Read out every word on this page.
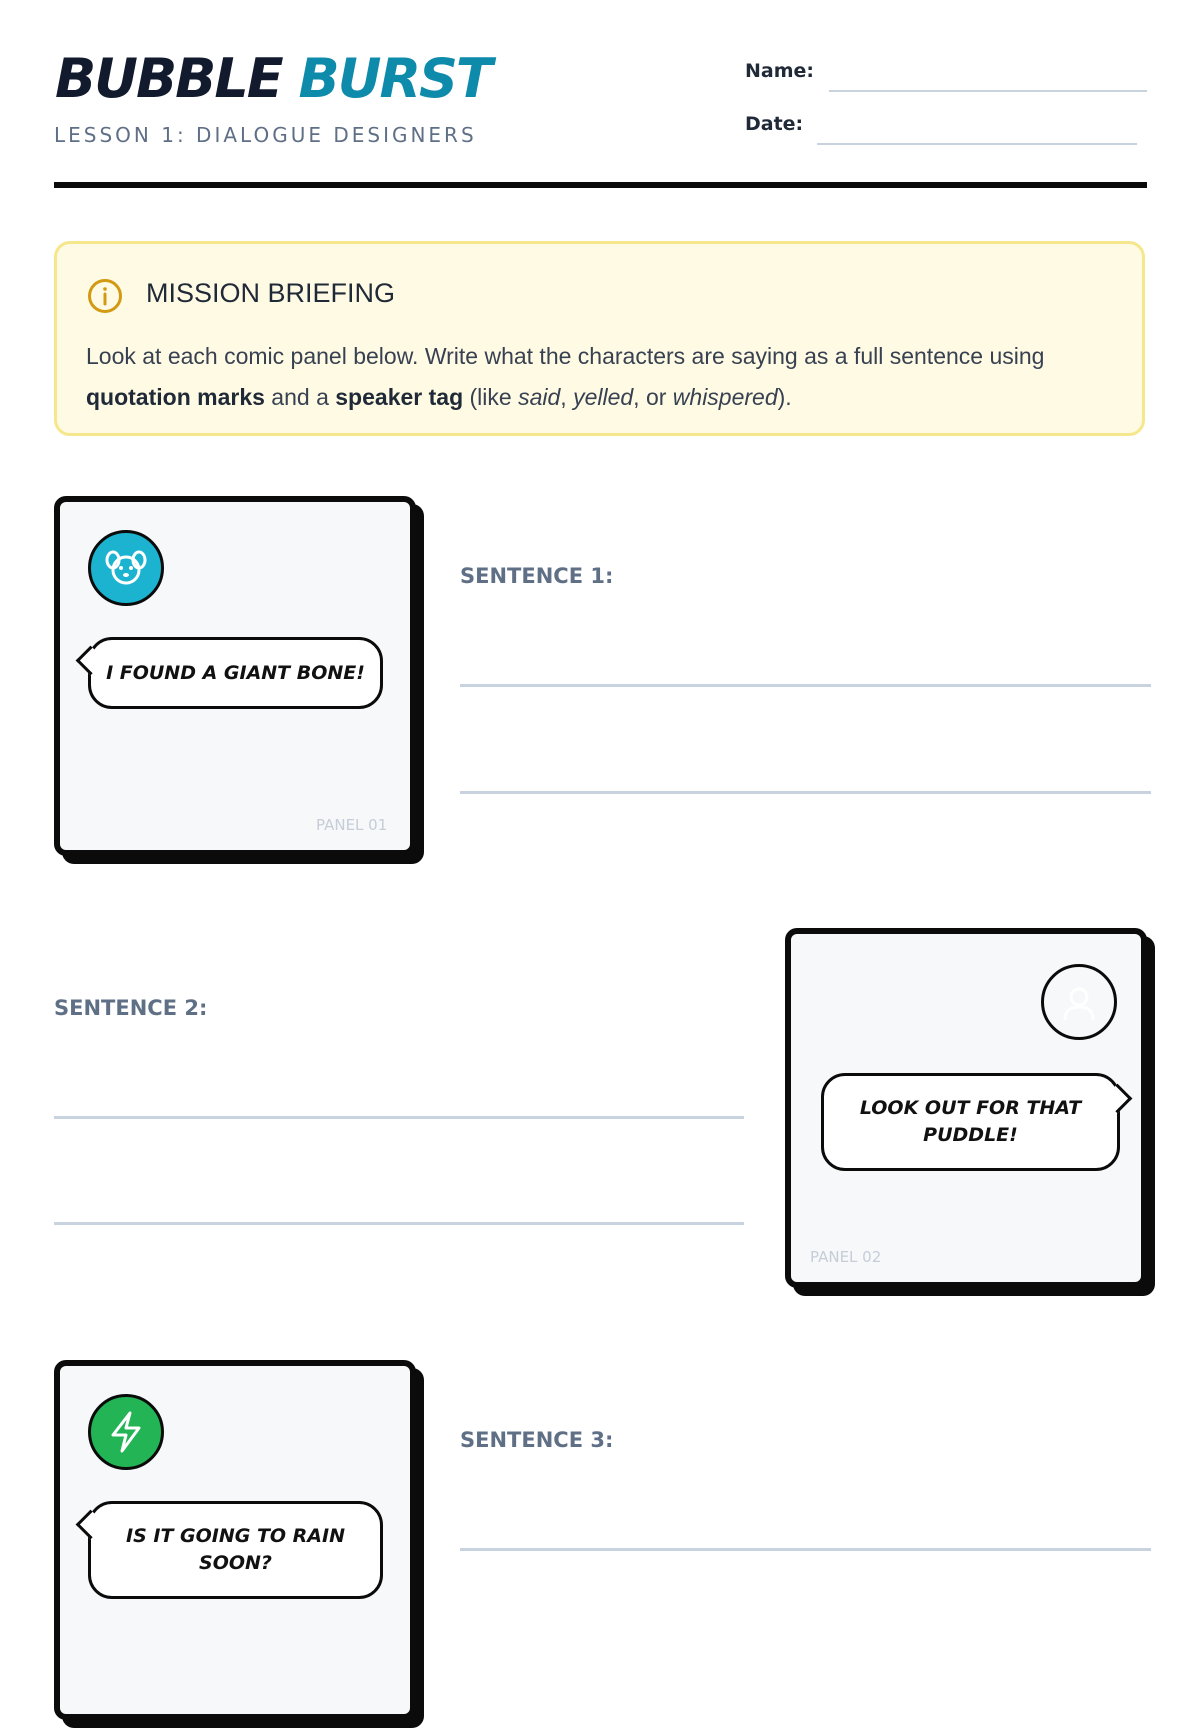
BUBBLE BURST
LESSON 1: DIALOGUE DESIGNERS
Name:
Date:
MISSION BRIEFING
Look at each comic panel below. Write what the characters are saying as a full sentence using quotation marks and a speaker tag (like said, yelled, or whispered).
I FOUND A GIANT BONE!
PANEL 01
SENTENCE 1:
SENTENCE 2:
LOOK OUT FOR THAT PUDDLE!
PANEL 02
IS IT GOING TO RAIN SOON?
SENTENCE 3:
